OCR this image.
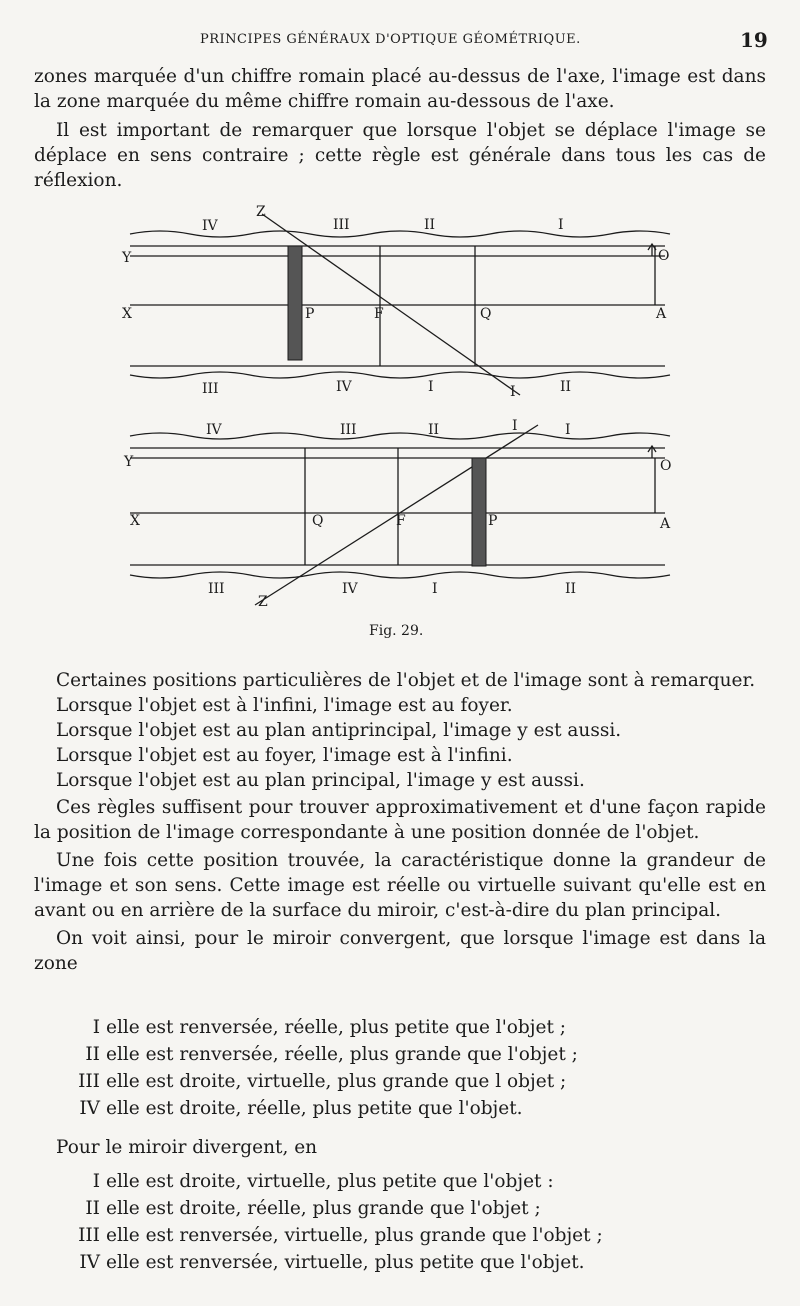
PRINCIPES GÉNÉRAUX D'OPTIQUE GÉOMÉTRIQUE.	19

zones marquée d'un chiffre romain placé au-dessus de l'axe, l'image est dans la zone marquée du même chiffre romain au-dessous de l'axe.

Il est important de remarquer que lorsque l'objet se déplace l'image se déplace en sens contraire ; cette règle est générale dans tous les cas de réflexion.

IV	III	II	I
III	IV	I	II
Z
Y
X	P	F	Q	A
O
I
IV	III	II	I
III	IV	I	II
Y
X	Q	F	P	A
O
I
Z
Fig. 29.

Certaines positions particulières de l'objet et de l'image sont à remarquer.

Lorsque l'objet est à l'infini, l'image est au foyer.

Lorsque l'objet est au plan antiprincipal, l'image y est aussi.

Lorsque l'objet est au foyer, l'image est à l'infini.

Lorsque l'objet est au plan principal, l'image y est aussi.

Ces règles suffisent pour trouver approximativement et d'une façon rapide la position de l'image correspondante à une position donnée de l'objet.

Une fois cette position trouvée, la caractéristique donne la grandeur de l'image et son sens. Cette image est réelle ou virtuelle suivant qu'elle est en avant ou en arrière de la surface du miroir, c'est-à-dire du plan principal.

On voit ainsi, pour le miroir convergent, que lorsque l'image est dans la zone

I elle est renversée, réelle, plus petite que l'objet ;
II elle est renversée, réelle, plus grande que l'objet ;
III elle est droite, virtuelle, plus grande que l objet ;
IV elle est droite, réelle, plus petite que l'objet.

Pour le miroir divergent, en

I elle est droite, virtuelle, plus petite que l'objet :
II elle est droite, réelle, plus grande que l'objet ;
III elle est renversée, virtuelle, plus grande que l'objet ;
IV elle est renversée, virtuelle, plus petite que l'objet.
